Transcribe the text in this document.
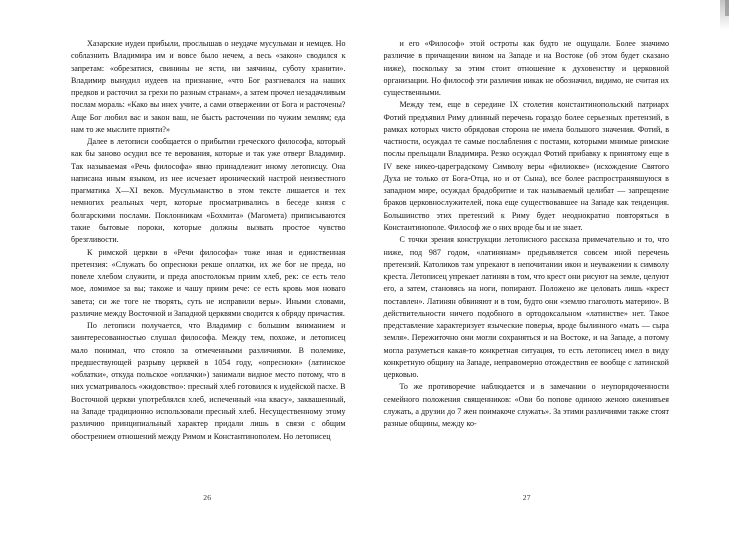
Хазарские иудеи прибыли, прослышав о неудаче мусульман и немцев. Но соблазнить Владимира им и вовсе было нечем, а весь «закон» сводился к запретам: «обрезатися, свинины не ясти, ни заячины, суботу хранити». Владимир вынудил иудеев на признание, «что Бог разгневался на наших предков и расточил за грехи по разным странам», а затем прочел незадачливым послам мораль: «Како вы инех учите, а сами отвержении от Бога и расточены? Аще Бог любил вас и закон ваш, не бысть расточении по чужим землям; еда нам то же мыслите прияти?»

Далее в летописи сообщается о прибытии греческого философа, который как бы заново осудил все те верования, которые и так уже отверг Владимир. Так называемая «Речь философа» явно принадлежит иному летописцу. Она написана иным языком, из нее исчезает иронический настрой неизвестного прагматика X—XI веков. Мусульманство в этом тексте лишается и тех немногих реальных черт, которые просматривались в беседе князя с болгарскими послами. Поклонникам «Бохмита» (Магомета) приписываются такие бытовые пороки, которые должны вызвать простое чувство брезгливости.

К римской церкви в «Речи философа» тоже иная и единственная претензия: «Служать бо опресноки рекше оплатки, их же бог не преда, но повеле хлебом служити, и преда апостолокъм приим хлеб, рек: се есть тело мое, ломимое за вы; такоже и чашу приим рече: се есть кровь моя новаго завета; си же тоге не творять, суть не исправили веры». Иными словами, различие между Восточной и Западной церквями сводится к обряду причастия.

По летописи получается, что Владимир с большим вниманием и заинтересованностью слушал философа. Между тем, похоже, и летописец мало понимал, что стояло за отмеченными различиями. В полемике, предшествующей разрыву церквей в 1054 году, «опресноки» (латинское «облатки», откуда польское «оплачки») занимали видное место потому, что в них усматривалось «жидовство»: пресный хлеб готовился к иудейской пасхе. В Восточной церкви употреблялся хлеб, испеченный «на квасу», заквашенный, на Западе традиционно использовали пресный хлеб. Несущественному этому различию принципиальный характер придали лишь в связи с общим обострением отношений между Римом и Константинополем. Но летописец

26

и его «Философ» этой остроты как будто не ощущали. Более значимо различие в причащении вином на Западе и на Востоке (об этом будет сказано ниже), поскольку за этим стоит отношение к духовенству и церковной организации. Но философ эти различия никак не обозначил, видимо, не считая их существенными.

Между тем, еще в середине IX столетия константинопольский патриарх Фотий предъявил Риму длинный перечень гораздо более серьезных претензий, в рамках которых чисто обрядовая сторона не имела большого значения. Фотий, в частности, осуждал те самые послабления с постами, которыми мнимые римские послы прельщали Владимира. Резко осуждал Фотий прибавку к принятому еще в IV веке никео-цареградскому Символу веры «филиокве» (исхождение Святого Духа не только от Бога-Отца, но и от Сына), все более распространявшуюся в западном мире, осуждал брадобритие и так называемый целибат — запрещение браков церковнослужителей, пока еще существовавшее на Западе как тенденция. Большинство этих претензий к Риму будет неоднократно повторяться в Константинополе. Философ же о них вроде бы и не знает.

С точки зрения конструкции летописного рассказа примечательно и то, что ниже, под 987 годом, «латинянам» предъявляется совсем иной перечень претензий. Католиков там упрекают в непочитании икон и неуважении к символу креста. Летописец упрекает латинян в том, что крест они рисуют на земле, целуют его, а затем, становясь на ноги, попирают. Положено же целовать лишь «крест поставлен». Латинян обвиняют и в том, будто они «землю глаголють материю». В действительности ничего подобного в ортодоксальном «латинстве» нет. Такое представление характеризует языческие поверья, вроде былинного «мать — сыра земля». Пережиточно они могли сохраняться и на Востоке, и на Западе, а потому могла разуметься какая-то конкретная ситуация, то есть летописец имел в виду конкретную общину на Западе, неправомерно отождествив ее вообще с латинской церковью.

То же противоречие наблюдается и в замечании о неупорядоченности семейного положения священников: «Ови бо попове одиною женою оженивъея служать, а друзии до 7 жен поимакоче служать». За этими различиями также стоят разные общины, между ко-

27
